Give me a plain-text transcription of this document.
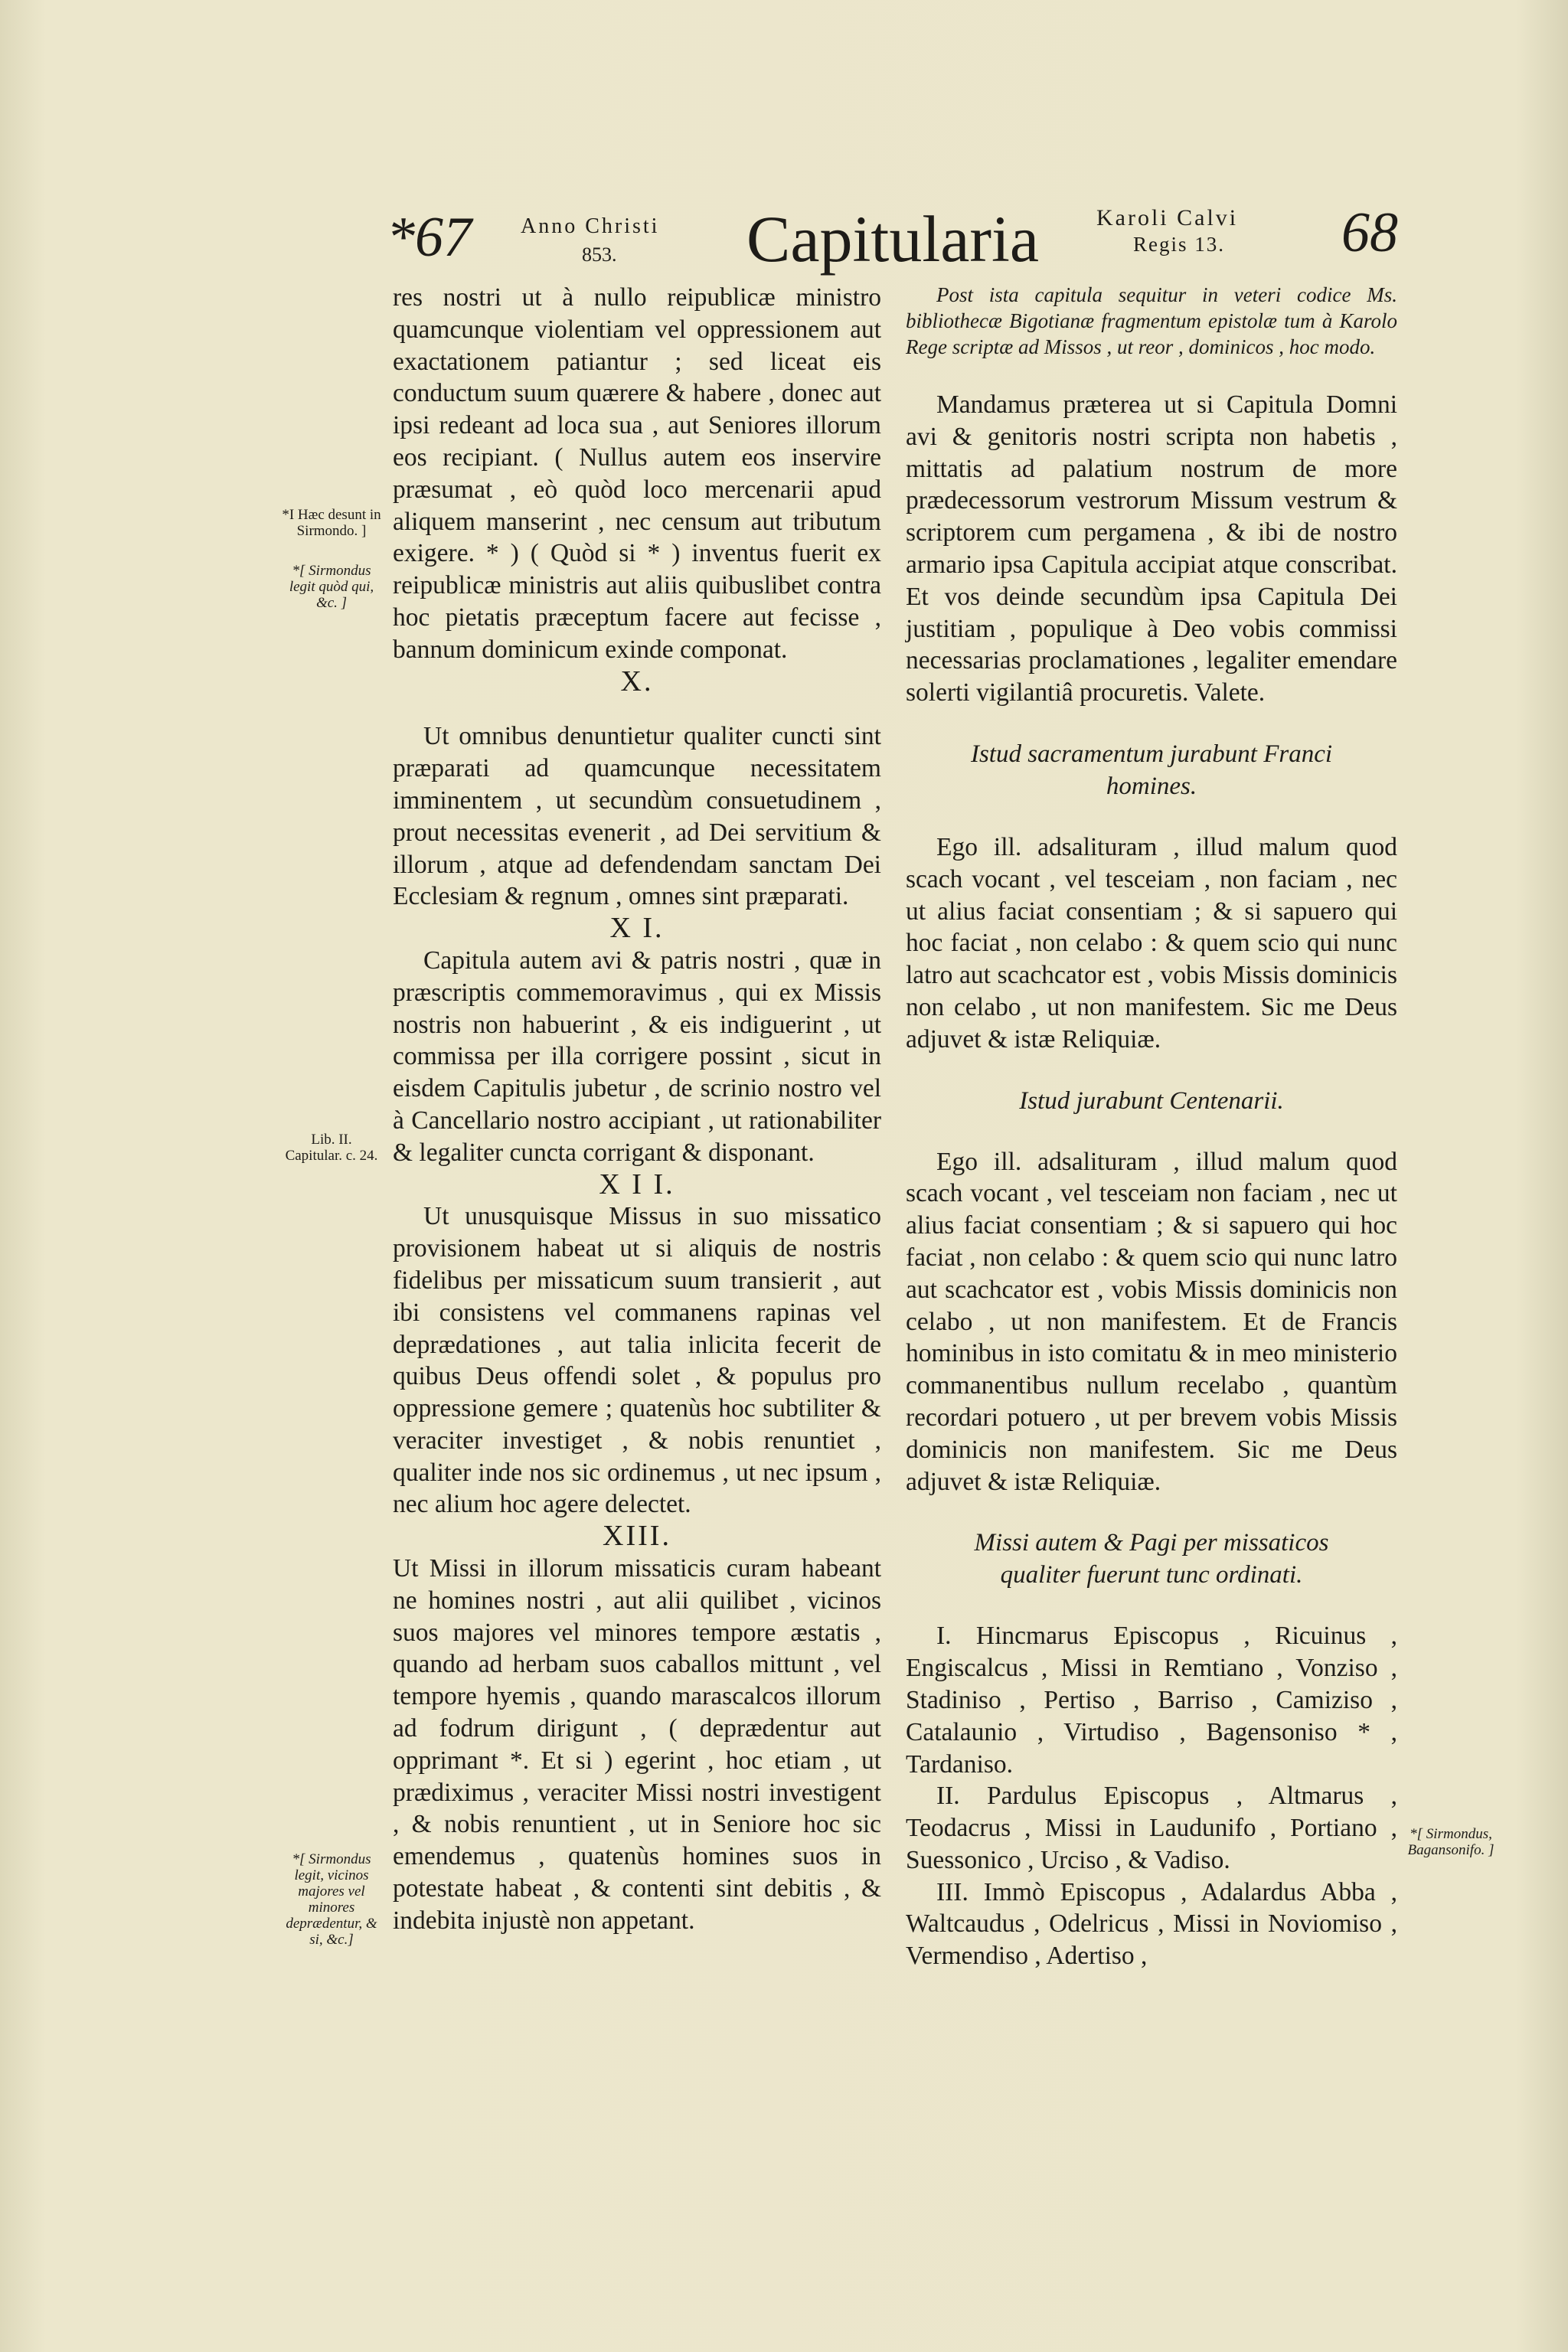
*67 Anno Christi
853. Capitularia Karoli Calvi
Regis 13. 68
*I Hæc desunt in Sirmondo. ]
*[ Sirmondus legit quòd qui, &c. ]
Lib. II. Capitular. c. 24.
*[ Sirmondus legit, vicinos majores vel minores deprædentur, & si, &c.]
*[ Sirmondus, Bagansonifo. ]

res nostri ut à nullo reipublicæ ministro quamcunque violentiam vel oppressionem aut exactationem patiantur ; sed liceat eis conductum suum quærere & habere , donec aut ipsi redeant ad loca sua , aut Seniores illorum eos recipiant. ( Nullus autem eos inservire præsumat , eò quòd loco mercenarii apud aliquem manserint , nec censum aut tributum exigere. * ) ( Quòd si * ) inventus fuerit ex reipublicæ ministris aut aliis quibuslibet contra hoc pietatis præceptum facere aut fecisse , bannum dominicum exinde componat.

X.

Ut omnibus denuntietur qualiter cuncti sint præparati ad quamcunque necessitatem imminentem , ut secundùm consuetudinem , prout necessitas evenerit , ad Dei servitium & illorum , atque ad defendendam sanctam Dei Ecclesiam & regnum , omnes sint præparati.

X I.

Capitula autem avi & patris nostri , quæ in præscriptis commemoravimus , qui ex Missis nostris non habuerint , & eis indiguerint , ut commissa per illa corrigere possint , sicut in eisdem Capitulis jubetur , de scrinio nostro vel à Cancellario nostro accipiant , ut rationabiliter & legaliter cuncta corrigant & disponant.

X I I.

Ut unusquisque Missus in suo missatico provisionem habeat ut si aliquis de nostris fidelibus per missaticum suum transierit , aut ibi consistens vel commanens rapinas vel deprædationes , aut talia inlicita fecerit de quibus Deus offendi solet , & populus pro oppressione gemere ; quatenùs hoc subtiliter & veraciter investiget , & nobis renuntiet , qualiter inde nos sic ordinemus , ut nec ipsum , nec alium hoc agere delectet.

XIII.

Ut Missi in illorum missaticis curam habeant ne homines nostri , aut alii quilibet , vicinos suos majores vel minores tempore æstatis , quando ad herbam suos caballos mittunt , vel tempore hyemis , quando marascalcos illorum ad fodrum dirigunt , ( deprædentur aut opprimant *. Et si ) egerint , hoc etiam , ut prædiximus , veraciter Missi nostri investigent , & nobis renuntient , ut in Seniore hoc sic emendemus , quatenùs homines suos in potestate habeat , & contenti sint debitis , & indebita injustè non appetant.

Post ista capitula sequitur in veteri codice Ms. bibliothecæ Bigotianæ fragmentum epistolæ tum à Karolo Rege scriptæ ad Missos , ut reor , dominicos , hoc modo.

Mandamus præterea ut si Capitula Domni avi & genitoris nostri scripta non habetis , mittatis ad palatium nostrum de more prædecessorum vestrorum Missum vestrum & scriptorem cum pergamena , & ibi de nostro armario ipsa Capitula accipiat atque conscribat. Et vos deinde secundùm ipsa Capitula Dei justitiam , populique à Deo vobis commissi necessarias proclamationes , legaliter emendare solerti vigilantiâ procuretis. Valete.

Istud sacramentum jurabunt Franci homines.

Ego ill. adsalituram , illud malum quod scach vocant , vel tesceiam , non faciam , nec ut alius faciat consentiam ; & si sapuero qui hoc faciat , non celabo : & quem scio qui nunc latro aut scachcator est , vobis Missis dominicis non celabo , ut non manifestem. Sic me Deus adjuvet & istæ Reliquiæ.

Istud jurabunt Centenarii.

Ego ill. adsalituram , illud malum quod scach vocant , vel tesceiam non faciam , nec ut alius faciat consentiam ; & si sapuero qui hoc faciat , non celabo : & quem scio qui nunc latro aut scachcator est , vobis Missis dominicis non celabo , ut non manifestem. Et de Francis hominibus in isto comitatu & in meo ministerio commanentibus nullum recelabo , quantùm recordari potuero , ut per brevem vobis Missis dominicis non manifestem. Sic me Deus adjuvet & istæ Reliquiæ.

Missi autem & Pagi per missaticos qualiter fuerunt tunc ordinati.

I. Hincmarus Episcopus , Ricuinus , Engiscalcus , Missi in Remtiano , Vonziso , Stadiniso , Pertiso , Barriso , Camiziso , Catalaunio , Virtudiso , Bagensoniso * , Tardaniso.

II. Pardulus Episcopus , Altmarus , Teodacrus , Missi in Laudunifo , Portiano , Suessonico , Urciso , & Vadiso.

III. Immò Episcopus , Adalardus Abba , Waltcaudus , Odelricus , Missi in Noviomiso , Vermendiso , Adertiso ,
